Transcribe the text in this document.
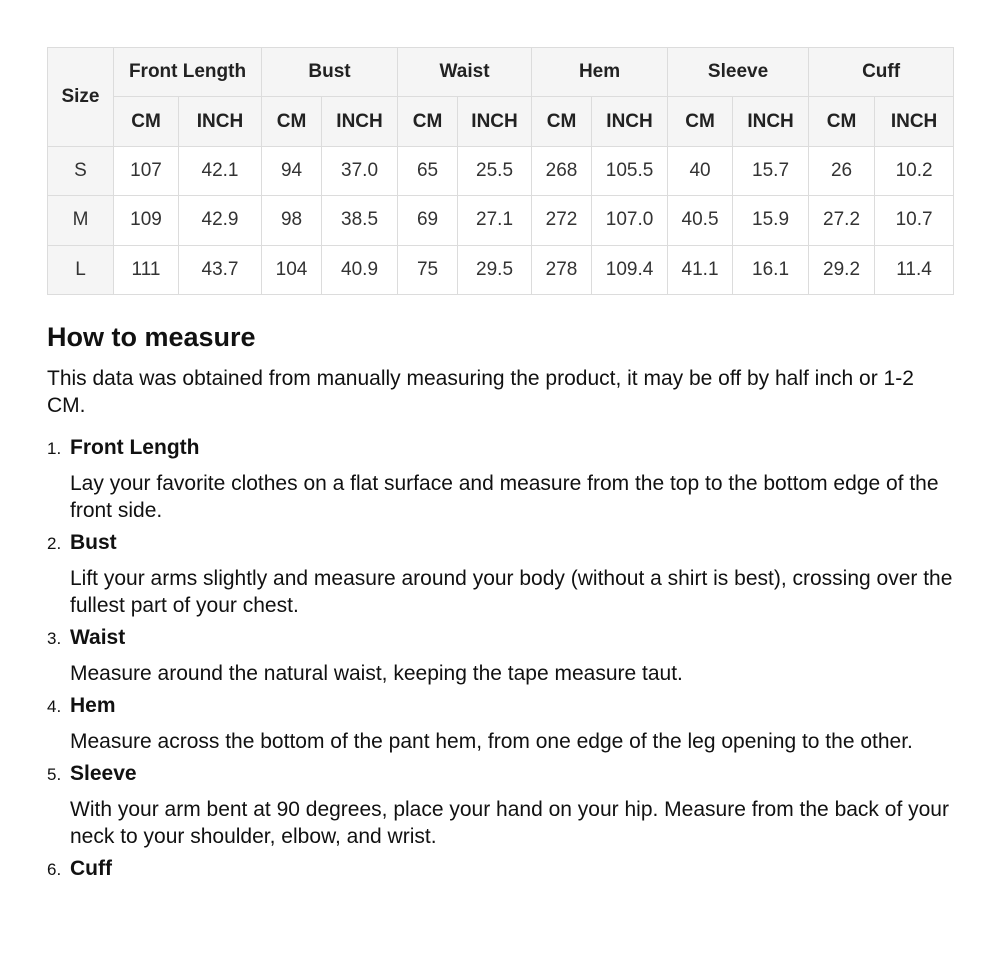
Size	Front Length		Bust		Waist		Hem		Sleeve		Cuff	
	CM	INCH	CM	INCH	CM	INCH	CM	INCH	CM	INCH	CM	INCH
S	107	42.1	94	37.0	65	25.5	268	105.5	40	15.7	26	10.2
M	109	42.9	98	38.5	69	27.1	272	107.0	40.5	15.9	27.2	10.7
L	111	43.7	104	40.9	75	29.5	278	109.4	41.1	16.1	29.2	11.4
How to measure

This data was obtained from manually measuring the product, it may be off by half inch or 1-2 CM.

1. Front Length

Lay your favorite clothes on a flat surface and measure from the top to the bottom edge of the front side.

2. Bust

Lift your arms slightly and measure around your body (without a shirt is best), crossing over the fullest part of your chest.

3. Waist

Measure around the natural waist, keeping the tape measure taut.

4. Hem

Measure across the bottom of the pant hem, from one edge of the leg opening to the other.

5. Sleeve

With your arm bent at 90 degrees, place your hand on your hip. Measure from the back of your neck to your shoulder, elbow, and wrist.

6. Cuff
